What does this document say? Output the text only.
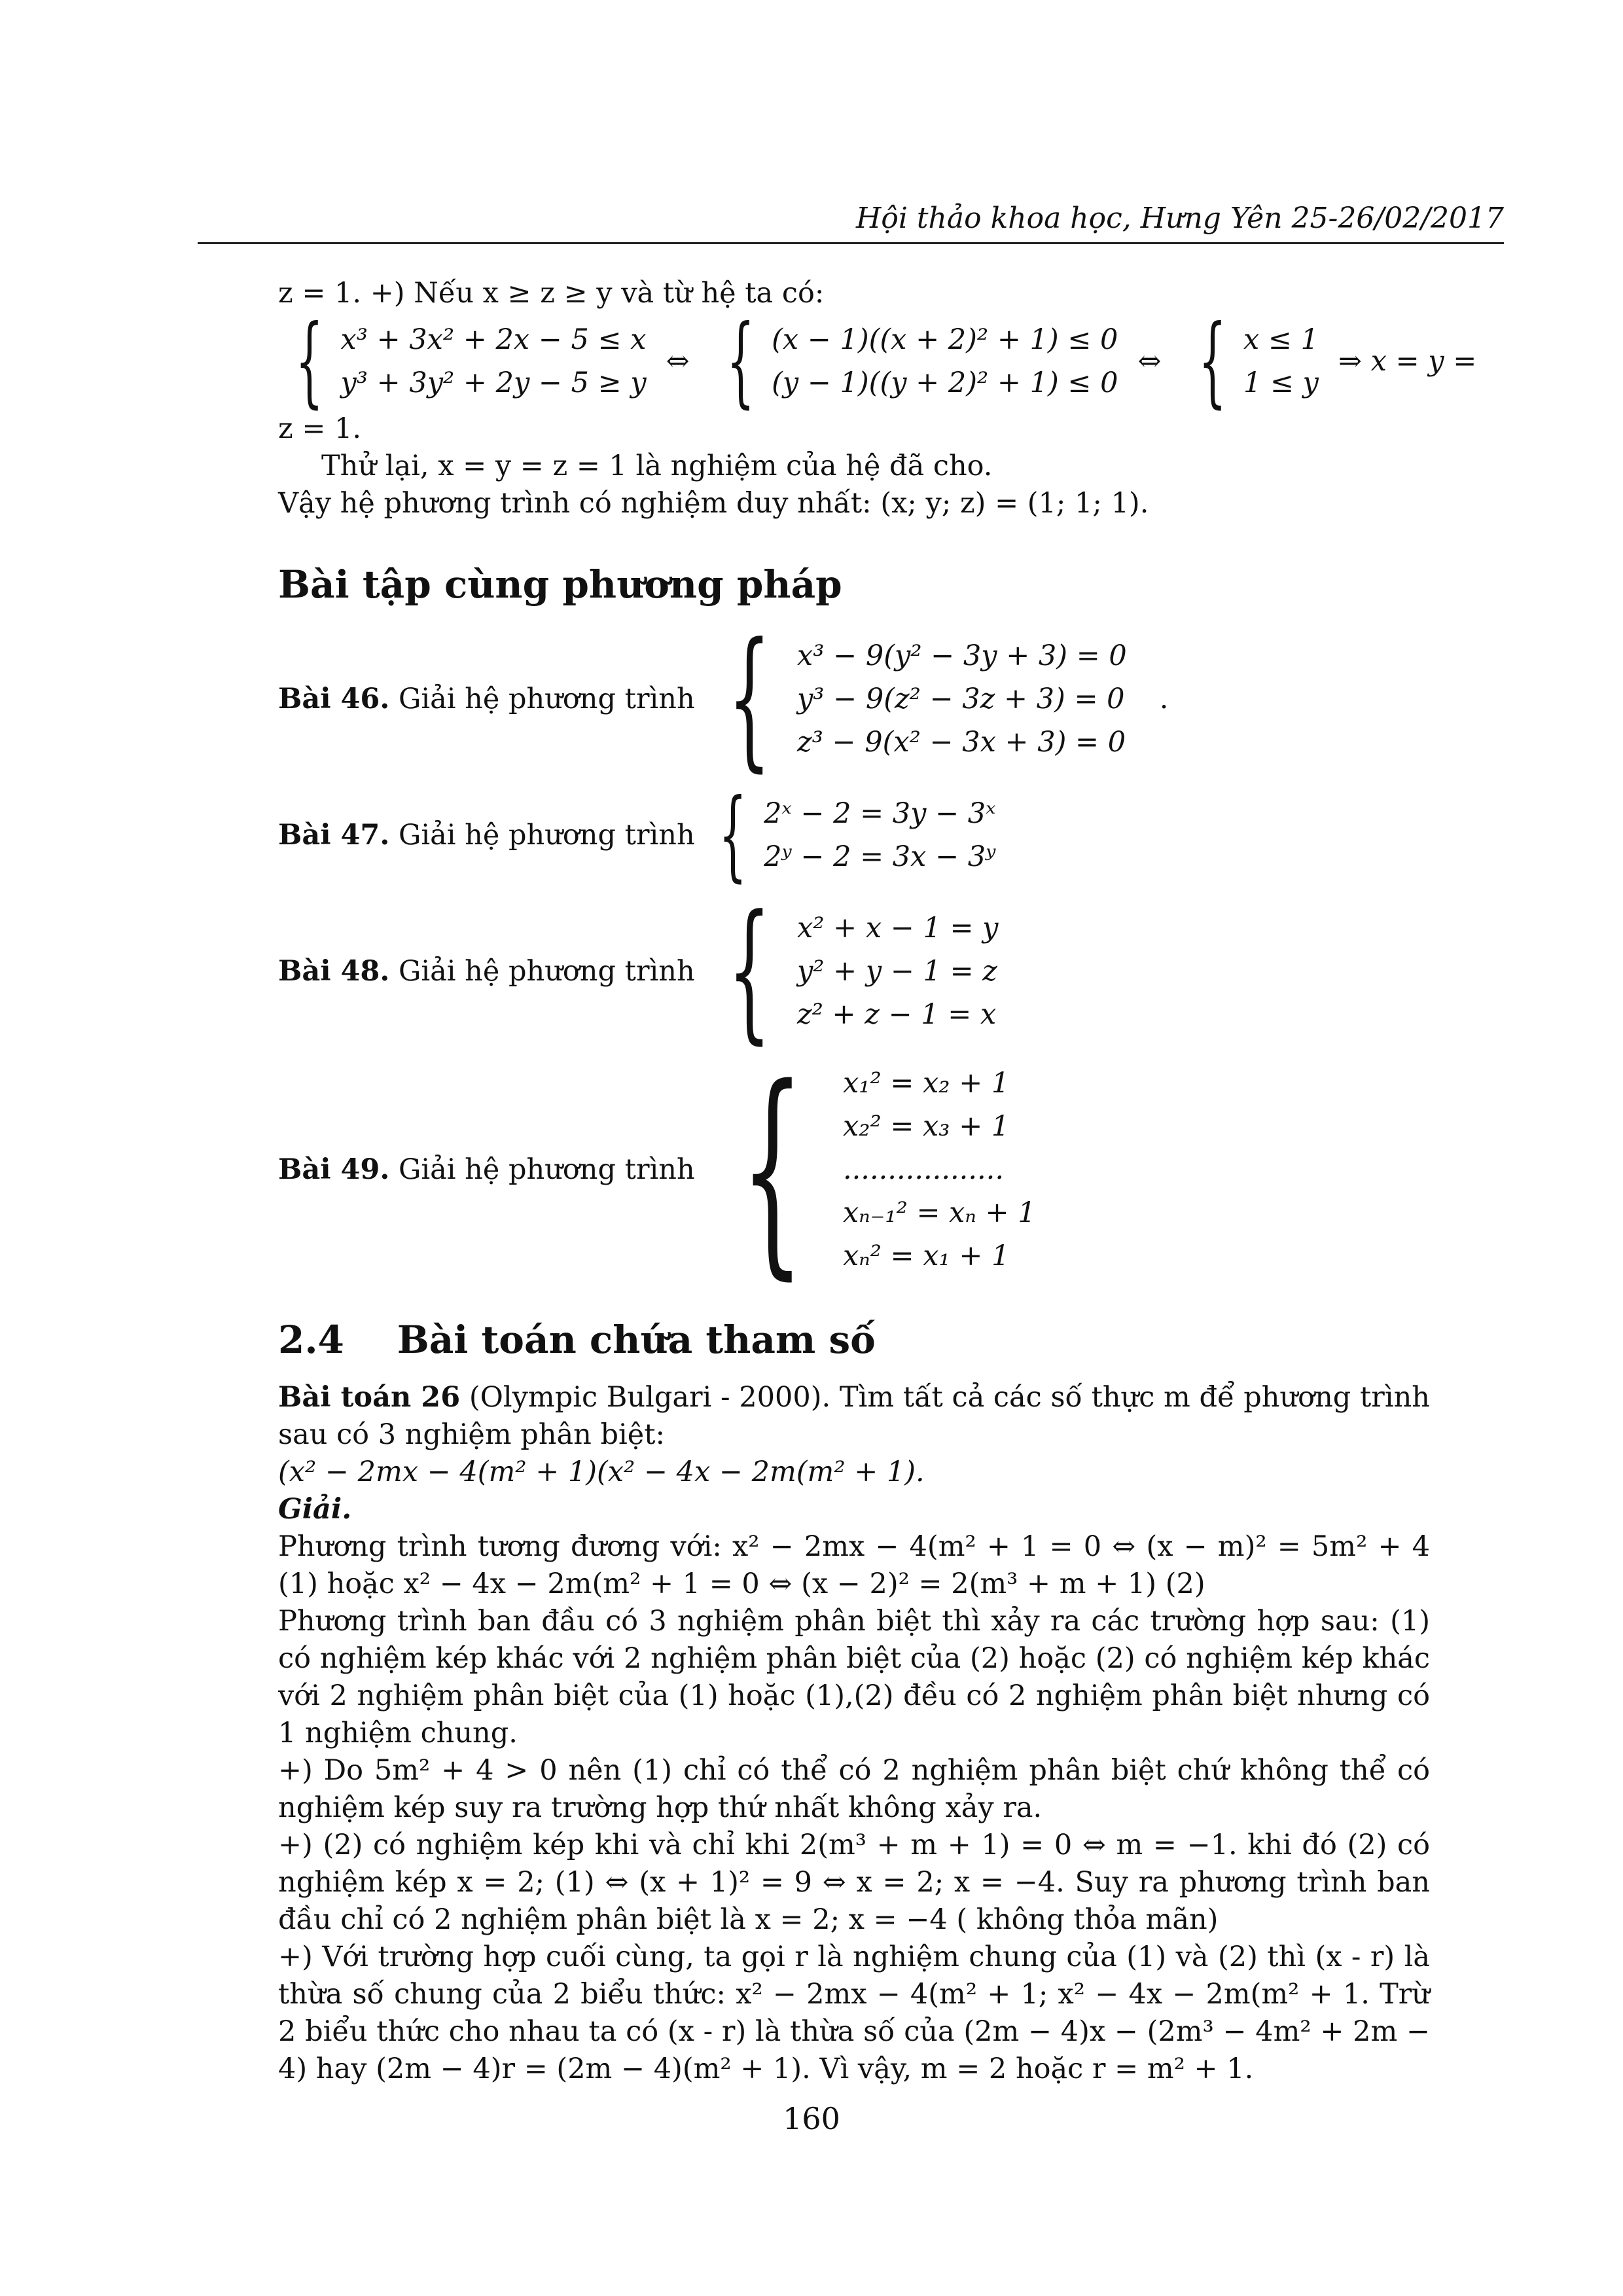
Hội thảo khoa học, Hưng Yên 25-26/02/2017
z = 1. +) Nếu x ≥ z ≥ y và từ hệ ta có:
{ x³ + 3x² + 2x − 5 ≤ x
y³ + 3y² + 2y − 5 ≥ y
⇔ { (x − 1)((x + 2)² + 1) ≤ 0
(y − 1)((y + 2)² + 1) ≤ 0
⇔ { x ≤ 1
1 ≤ y
⇒ x = y =
z = 1.
Thử lại, x = y = z = 1 là nghiệm của hệ đã cho.
Vậy hệ phương trình có nghiệm duy nhất: (x; y; z) = (1; 1; 1).
Bài tập cùng phương pháp
Bài 46. Giải hệ phương trình { x³ − 9(y² − 3y + 3) = 0
y³ − 9(z² − 3z + 3) = 0
z³ − 9(x² − 3x + 3) = 0
.
Bài 47. Giải hệ phương trình { 2ˣ − 2 = 3y − 3ˣ
2ʸ − 2 = 3x − 3ʸ
Bài 48. Giải hệ phương trình { x² + x − 1 = y
y² + y − 1 = z
z² + z − 1 = x
Bài 49. Giải hệ phương trình { x₁² = x₂ + 1
x₂² = x₃ + 1
..................
xₙ₋₁² = xₙ + 1
xₙ² = x₁ + 1
2.4 Bài toán chứa tham số
Bài toán 26 (Olympic Bulgari - 2000). Tìm tất cả các số thực m để phương trình sau có 3 nghiệm phân biệt:
(x² − 2mx − 4(m² + 1)(x² − 4x − 2m(m² + 1).
Giải.
Phương trình tương đương với: x² − 2mx − 4(m² + 1 = 0 ⇔ (x − m)² = 5m² + 4 (1) hoặc x² − 4x − 2m(m² + 1 = 0 ⇔ (x − 2)² = 2(m³ + m + 1) (2)
Phương trình ban đầu có 3 nghiệm phân biệt thì xảy ra các trường hợp sau: (1) có nghiệm kép khác với 2 nghiệm phân biệt của (2) hoặc (2) có nghiệm kép khác với 2 nghiệm phân biệt của (1) hoặc (1),(2) đều có 2 nghiệm phân biệt nhưng có 1 nghiệm chung.
+) Do 5m² + 4 > 0 nên (1) chỉ có thể có 2 nghiệm phân biệt chứ không thể có nghiệm kép suy ra trường hợp thứ nhất không xảy ra.
+) (2) có nghiệm kép khi và chỉ khi 2(m³ + m + 1) = 0 ⇔ m = −1. khi đó (2) có nghiệm kép x = 2; (1) ⇔ (x + 1)² = 9 ⇔ x = 2; x = −4. Suy ra phương trình ban đầu chỉ có 2 nghiệm phân biệt là x = 2; x = −4 ( không thỏa mãn)
+) Với trường hợp cuối cùng, ta gọi r là nghiệm chung của (1) và (2) thì (x - r) là thừa số chung của 2 biểu thức: x² − 2mx − 4(m² + 1; x² − 4x − 2m(m² + 1. Trừ 2 biểu thức cho nhau ta có (x - r) là thừa số của (2m − 4)x − (2m³ − 4m² + 2m − 4) hay (2m − 4)r = (2m − 4)(m² + 1). Vì vậy, m = 2 hoặc r = m² + 1.
160
